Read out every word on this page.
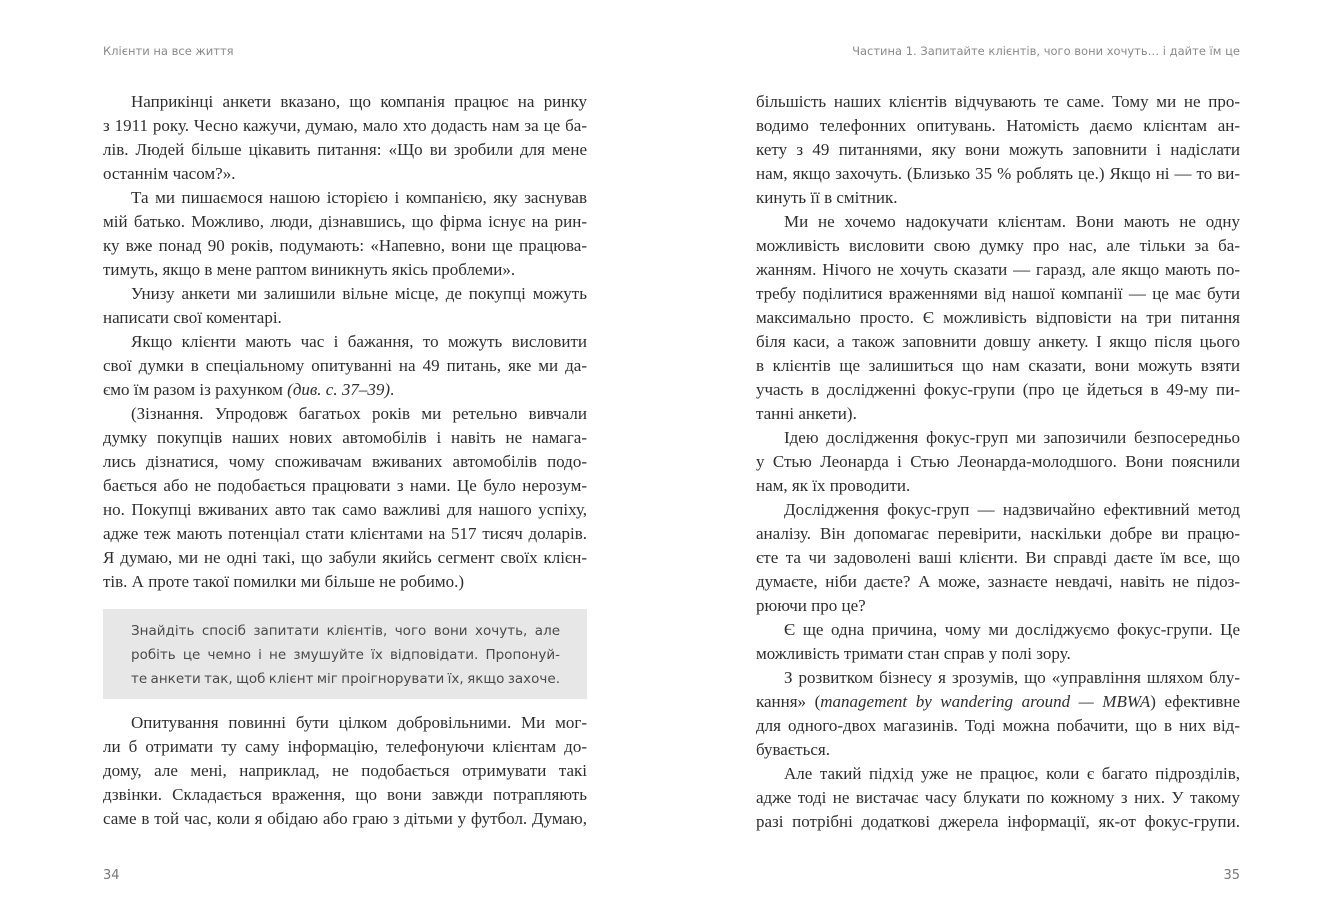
Клієнти на все життя
Наприкінці анкети вказано, що компанія працює на ринку
з 1911 року. Чесно кажучи, думаю, мало хто додасть нам за це ба-
лів. Людей більше цікавить питання: «Що ви зробили для мене
останнім часом?».
Та ми пишаємося нашою історією і компанією, яку заснував
мій батько. Можливо, люди, дізнавшись, що фірма існує на рин-
ку вже понад 90 років, подумають: «Напевно, вони ще працюва-
тимуть, якщо в мене раптом виникнуть якісь проблеми».
Унизу анкети ми залишили вільне місце, де покупці можуть
написати свої коментарі.
Якщо клієнти мають час і бажання, то можуть висловити
свої думки в спеціальному опитуванні на 49 питань, яке ми да-
ємо їм разом із рахунком (див. с. 37–39).
(Зізнання. Упродовж багатьох років ми ретельно вивчали
думку покупців наших нових автомобілів і навіть не намага-
лись дізнатися, чому споживачам вживаних автомобілів подо-
бається або не подобається працювати з нами. Це було нерозум-
но. Покупці вживаних авто так само важливі для нашого успіху,
адже теж мають потенціал стати клієнтами на 517 тисяч доларів.
Я думаю, ми не одні такі, що забули якийсь сегмент своїх клієн-
тів. А проте такої помилки ми більше не робимо.)
Знайдіть спосіб запитати клієнтів, чого вони хочуть, але
робіть це чемно і не змушуйте їх відповідати. Пропонуй-
те анкети так, щоб клієнт міг проігнорувати їх, якщо захоче.
Опитування повинні бути цілком добровільними. Ми мог-
ли б отримати ту саму інформацію, телефонуючи клієнтам до-
дому, але мені, наприклад, не подобається отримувати такі
дзвінки. Складається враження, що вони завжди потрапляють
саме в той час, коли я обідаю або граю з дітьми у футбол. Думаю,
34
Частина 1. Запитайте клієнтів, чого вони хочуть… і дайте їм це
більшість наших клієнтів відчувають те саме. Тому ми не про-
водимо телефонних опитувань. Натомість даємо клієнтам ан-
кету з 49 питаннями, яку вони можуть заповнити і надіслати
нам, якщо захочуть. (Близько 35 % роблять це.) Якщо ні — то ви-
кинуть її в смітник.
Ми не хочемо надокучати клієнтам. Вони мають не одну
можливість висловити свою думку про нас, але тільки за ба-
жанням. Нічого не хочуть сказати — гаразд, але якщо мають по-
требу поділитися враженнями від нашої компанії — це має бути
максимально просто. Є можливість відповісти на три питання
біля каси, а також заповнити довшу анкету. І якщо після цього
в клієнтів ще залишиться що нам сказати, вони можуть взяти
участь в дослідженні фокус-групи (про це йдеться в 49-му пи-
танні анкети).
Ідею дослідження фокус-груп ми запозичили безпосередньо
у Стью Леонарда і Стью Леонарда-молодшого. Вони пояснили
нам, як їх проводити.
Дослідження фокус-груп — надзвичайно ефективний метод
аналізу. Він допомагає перевірити, наскільки добре ви працю-
єте та чи задоволені ваші клієнти. Ви справді даєте їм все, що
думаєте, ніби даєте? А може, зазнаєте невдачі, навіть не підоз-
рюючи про це?
Є ще одна причина, чому ми досліджуємо фокус-групи. Це
можливість тримати стан справ у полі зору.
З розвитком бізнесу я зрозумів, що «управління шляхом блу-
кання» (management by wandering around — MBWA) ефективне
для одного-двох магазинів. Тоді можна побачити, що в них від-
бувається.
Але такий підхід уже не працює, коли є багато підрозділів,
адже тоді не вистачає часу блукати по кожному з них. У такому
разі потрібні додаткові джерела інформації, як-от фокус-групи.
35
